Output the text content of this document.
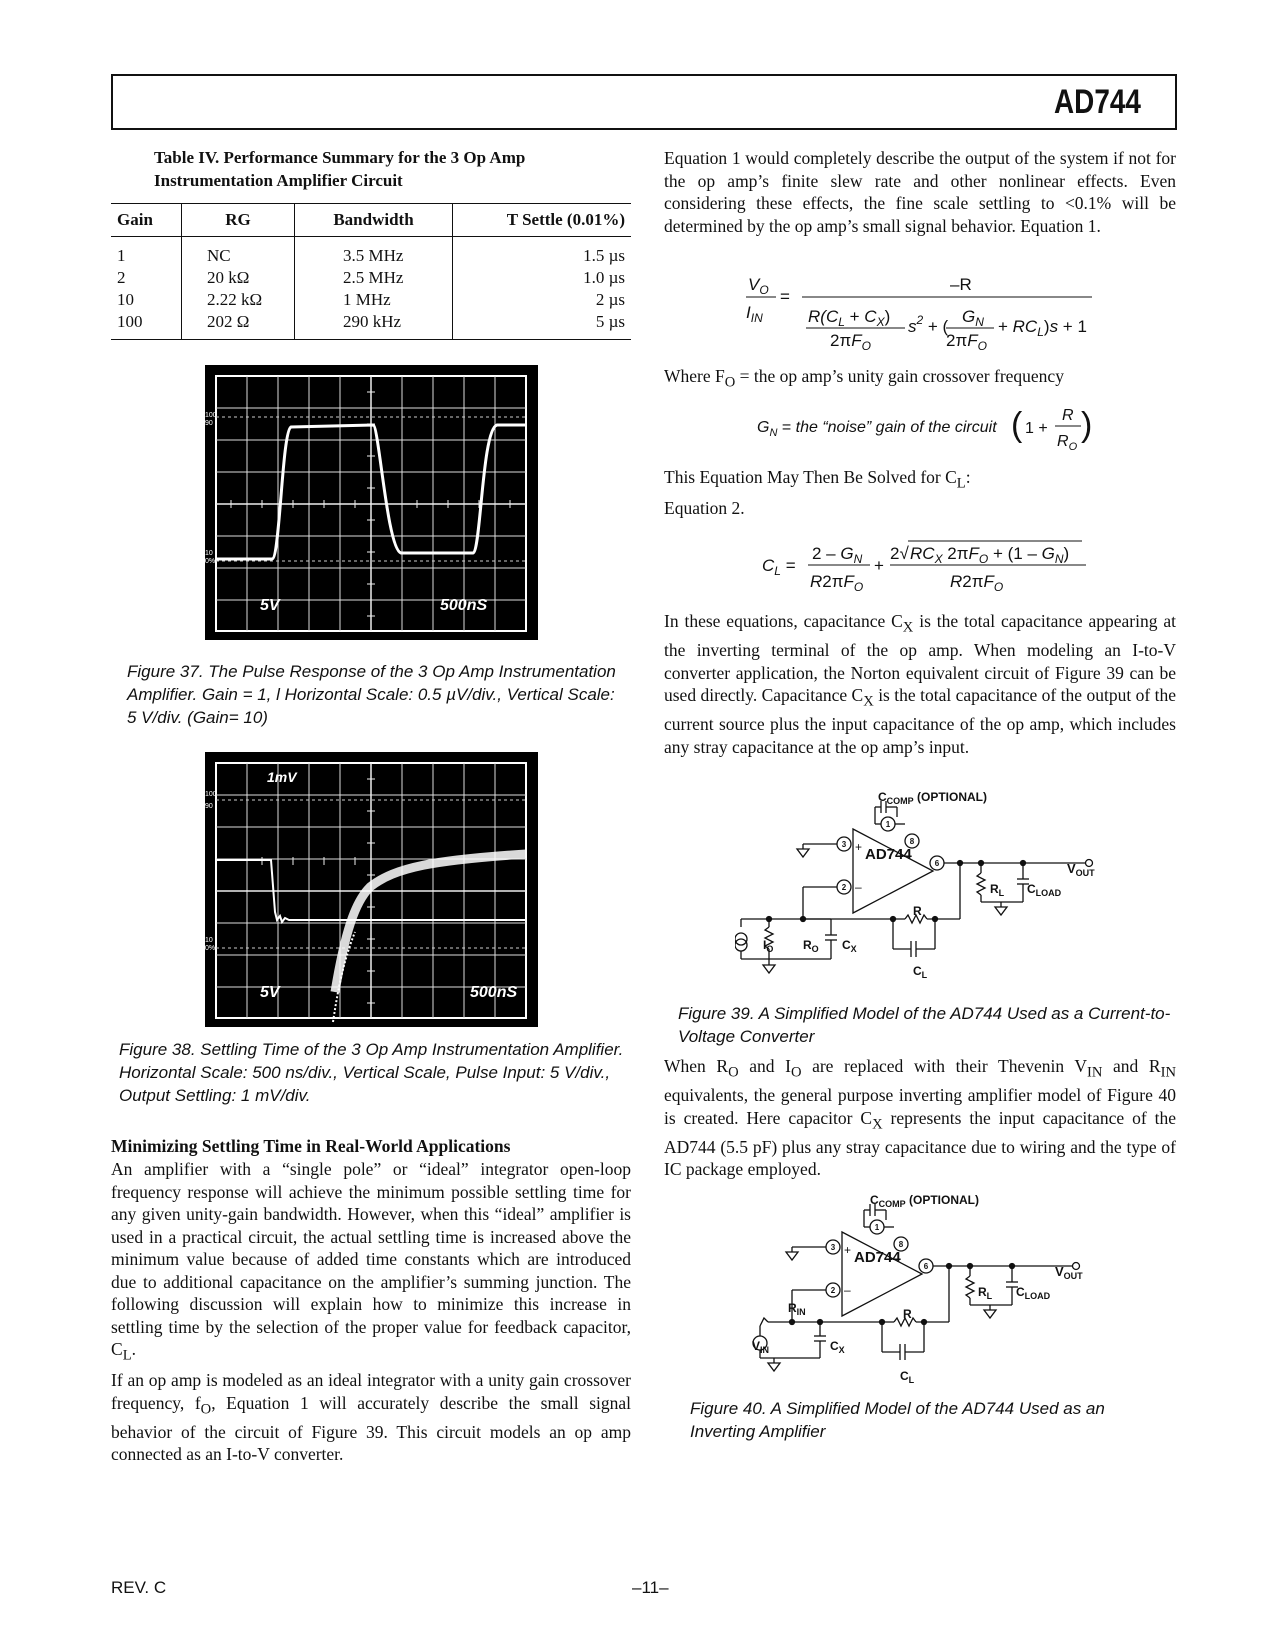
AD744
Table IV. Performance Summary for the 3 Op Amp Instrumentation Amplifier Circuit
Gain	RG	Bandwidth	T Settle (0.01%)
1	NC	3.5 MHz	1.5 µs
2	20 kΩ	2.5 MHz	1.0 µs
10	2.22 kΩ	1 MHz	2 µs
100	202 Ω	290 kHz	5 µs
100
90
10
0%
5V	500nS
Figure 37. The Pulse Response of the 3 Op Amp Instrumentation Amplifier. Gain = 1, l Horizontal Scale: 0.5 µV/div., Vertical Scale: 5 V/div. (Gain= 10)
100
90
10
0%
1mV
5V	500nS
Figure 38. Settling Time of the 3 Op Amp Instrumentation Amplifier. Horizontal Scale: 500 ns/div., Vertical Scale, Pulse Input: 5 V/div., Output Settling: 1 mV/div.
Minimizing Settling Time in Real-World Applications
An amplifier with a “single pole” or “ideal” integrator open-loop frequency response will achieve the minimum possible settling time for any given unity-gain bandwidth. However, when this “ideal” amplifier is used in a practical circuit, the actual settling time is increased above the minimum value because of added time constants which are introduced due to additional capacitance on the amplifier’s summing junction. The following discussion will explain how to minimize this increase in settling time by the selection of the proper value for feedback capacitor, $C_L$.
If an op amp is modeled as an ideal integrator with a unity gain crossover frequency, $f_O$, Equation 1 will accurately describe the small signal behavior of the circuit of Figure 39. This circuit models an op amp connected as an I-to-V converter.
Equation 1 would completely describe the output of the system if not for the op amp’s finite slew rate and other nonlinear effects. Even considering these effects, the fine scale settling to <0.1% will be determined by the op amp’s small signal behavior. Equation 1.
$V_O$
$I_{IN}$
=
–R
$R(C_L + C_X)$
$2\pi F_O$
$s^2$ + (
$G_N$
$2\pi F_O$
+ $RC_L)s + 1$
Where $F_O$ = the op amp’s unity gain crossover frequency
$G_N$ = the “noise” gain of the circuit ( 1 +
R
$R_O$
)
This Equation May Then Be Solved for $C_L$:
Equation 2.
$C_L$ =
$2 - G_N$
$R2\pi F_O$
+
2√ $RC_X$ $2\pi F_O + (1 - G_N)$
$R2\pi F_O$
In these equations, capacitance $C_X$ is the total capacitance appearing at the inverting terminal of the op amp. When modeling an I-to-V converter application, the Norton equivalent circuit of Figure 39 can be used directly. Capacitance $C_X$ is the total capacitance of the output of the current source plus the input capacitance of the op amp, which includes any stray capacitance at the op amp’s input.
$C_{COMP}$ (OPTIONAL)
AD744
$V_{OUT}$
$R_L$ $C_{LOAD}$
R
$I_O$ $R_O$ $C_X$
$C_L$
3
1
8
6
2
+
–
Figure 39. A Simplified Model of the AD744 Used as a Current-to-Voltage Converter
When $R_O$ and $I_O$ are replaced with their Thevenin $V_{IN}$ and $R_{IN}$ equivalents, the general purpose inverting amplifier model of Figure 40 is created. Here capacitor $C_X$ represents the input capacitance of the AD744 (5.5 pF) plus any stray capacitance due to wiring and the type of IC package employed.
$C_{COMP}$ (OPTIONAL)
AD744
$V_{OUT}$
$R_L$ $C_{LOAD}$
R
$R_{IN}$
$V_{IN}$	$C_X$
$C_L$
3
1
8
6
2
+
–
Figure 40. A Simplified Model of the AD744 Used as an Inverting Amplifier
REV. C	–11–
